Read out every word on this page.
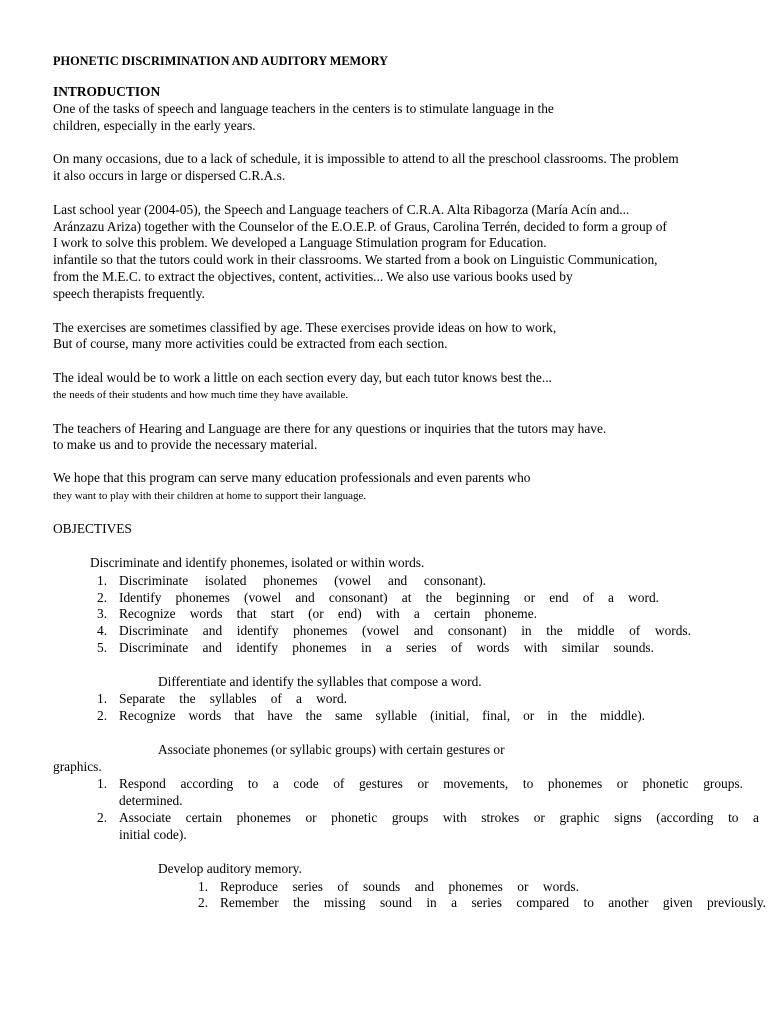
PHONETIC DISCRIMINATION AND AUDITORY MEMORY
INTRODUCTION
One of the tasks of speech and language teachers in the centers is to stimulate language in the
children, especially in the early years.
On many occasions, due to a lack of schedule, it is impossible to attend to all the preschool classrooms. The problem
it also occurs in large or dispersed C.R.A.s.
Last school year (2004-05), the Speech and Language teachers of C.R.A. Alta Ribagorza (María Acín and...
Aránzazu Ariza) together with the Counselor of the E.O.E.P. of Graus, Carolina Terrén, decided to form a group of
I work to solve this problem. We developed a Language Stimulation program for Education.
infantile so that the tutors could work in their classrooms. We started from a book on Linguistic Communication,
from the M.E.C. to extract the objectives, content, activities... We also use various books used by
speech therapists frequently.
The exercises are sometimes classified by age. These exercises provide ideas on how to work,
But of course, many more activities could be extracted from each section.
The ideal would be to work a little on each section every day, but each tutor knows best the...
the needs of their students and how much time they have available.
The teachers of Hearing and Language are there for any questions or inquiries that the tutors may have.
to make us and to provide the necessary material.
We hope that this program can serve many education professionals and even parents who
they want to play with their children at home to support their language.
OBJECTIVES
Discriminate and identify phonemes, isolated or within words.
1. Discriminate isolated phonemes (vowel and consonant).
2. Identify phonemes (vowel and consonant) at the beginning or end of a word.
3. Recognize words that start (or end) with a certain phoneme.
4. Discriminate and identify phonemes (vowel and consonant) in the middle of words.
5. Discriminate and identify phonemes in a series of words with similar sounds.
Differentiate and identify the syllables that compose a word.
1. Separate the syllables of a word.
2. Recognize words that have the same syllable (initial, final, or in the middle).
Associate phonemes (or syllabic groups) with certain gestures or
graphics.
1. Respond according to a code of gestures or movements, to phonemes or phonetic groups.
determined.
2. Associate certain phonemes or phonetic groups with strokes or graphic signs (according to a
initial code).
Develop auditory memory.
1. Reproduce series of sounds and phonemes or words.
2. Remember the missing sound in a series compared to another given previously.
